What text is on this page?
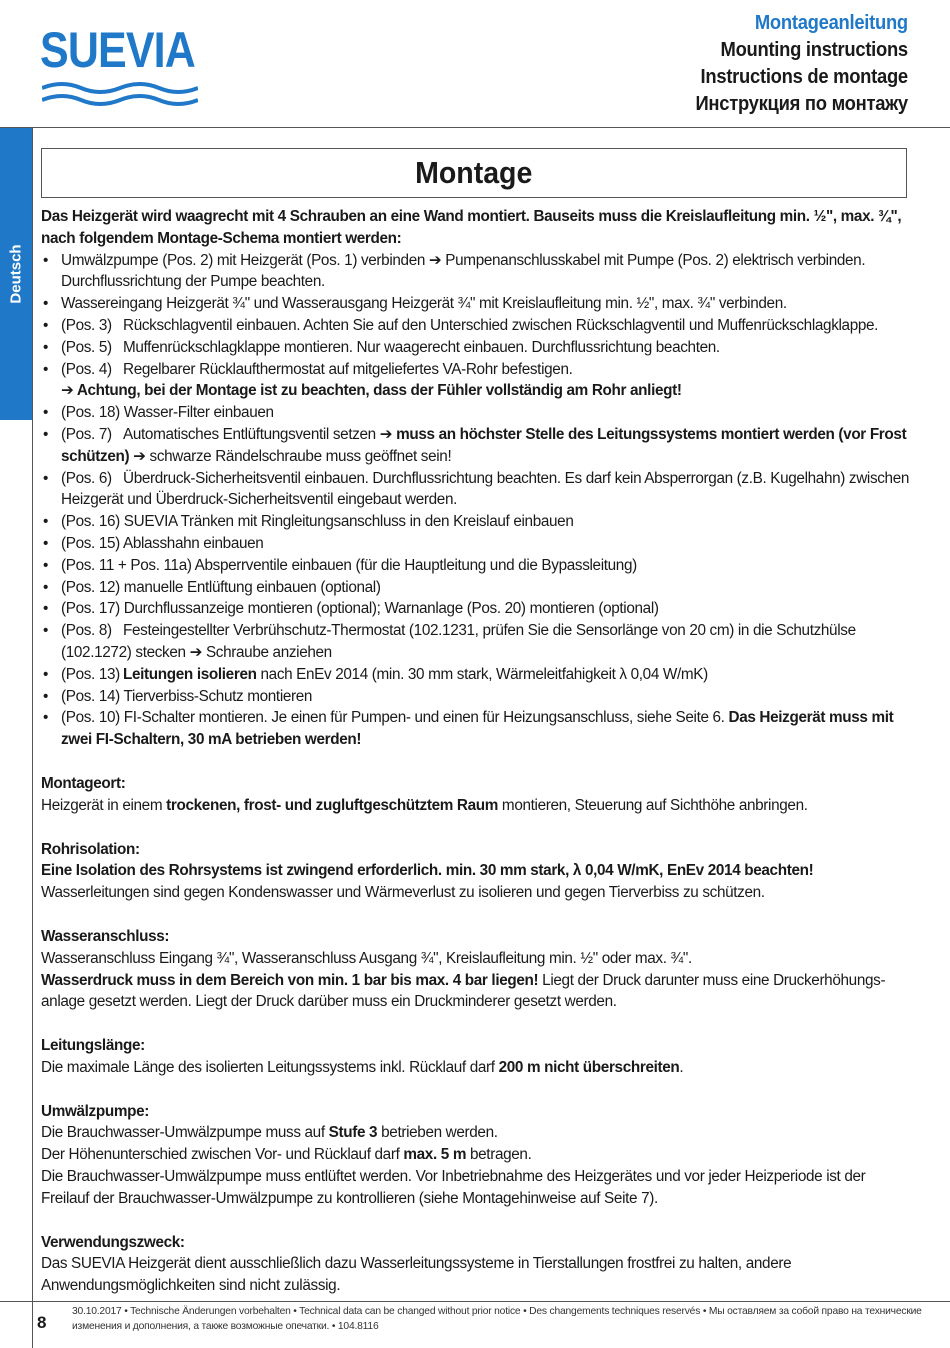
SUEVIA	Montageanleitung
Mounting instructions
Instructions de montage
Инструкция по монтажу
Deutsch
Montage

Das Heizgerät wird waagrecht mit 4 Schrauben an eine Wand montiert. Bauseits muss die Kreislaufleitung min. ½", max. ¾", nach folgendem Montage-Schema montiert werden:

• Umwälzpumpe (Pos. 2) mit Heizgerät (Pos. 1) verbinden ➔ Pumpenanschlusskabel mit Pumpe (Pos. 2) elektrisch verbinden. Durchflussrichtung der Pumpe beachten.
• Wassereingang Heizgerät ¾" und Wasserausgang Heizgerät ¾" mit Kreislaufleitung min. ½", max. ¾" verbinden.
• (Pos. 3) Rückschlagventil einbauen. Achten Sie auf den Unterschied zwischen Rückschlagventil und Muffenrückschlagklappe.
• (Pos. 5) Muffenrückschlagklappe montieren. Nur waagerecht einbauen. Durchflussrichtung beachten.
• (Pos. 4) Regelbarer Rücklaufthermostat auf mitgeliefertes VA-Rohr befestigen.
➔ Achtung, bei der Montage ist zu beachten, dass der Fühler vollständig am Rohr anliegt!
• (Pos. 18) Wasser-Filter einbauen
• (Pos. 7) Automatisches Entlüftungsventil setzen ➔ muss an höchster Stelle des Leitungssystems montiert werden (vor Frost schützen) ➔ schwarze Rändelschraube muss geöffnet sein!
• (Pos. 6) Überdruck-Sicherheitsventil einbauen. Durchflussrichtung beachten. Es darf kein Absperrorgan (z.B. Kugelhahn) zwischen Heizgerät und Überdruck-Sicherheitsventil eingebaut werden.
• (Pos. 16) SUEVIA Tränken mit Ringleitungsanschluss in den Kreislauf einbauen
• (Pos. 15) Ablasshahn einbauen
• (Pos. 11 + Pos. 11a) Absperrventile einbauen (für die Hauptleitung und die Bypassleitung)
• (Pos. 12) manuelle Entlüftung einbauen (optional)
• (Pos. 17) Durchflussanzeige montieren (optional); Warnanlage (Pos. 20) montieren (optional)
• (Pos. 8) Festeingestellter Verbrühschutz-Thermostat (102.1231, prüfen Sie die Sensorlänge von 20 cm) in die Schutzhülse (102.1272) stecken ➔ Schraube anziehen
• (Pos. 13) Leitungen isolieren nach EnEv 2014 (min. 30 mm stark, Wärmeleitfahigkeit λ 0,04 W/mK)
• (Pos. 14) Tierverbiss-Schutz montieren
• (Pos. 10) FI-Schalter montieren. Je einen für Pumpen- und einen für Heizungsanschluss, siehe Seite 6. Das Heizgerät muss mit zwei FI-Schaltern, 30 mA betrieben werden!
Montageort:

Heizgerät in einem trockenen, frost- und zugluftgeschütztem Raum montieren, Steuerung auf Sichthöhe anbringen.

Rohrisolation:

Eine Isolation des Rohrsystems ist zwingend erforderlich. min. 30 mm stark, λ 0,04 W/mK, EnEv 2014 beachten!

Wasserleitungen sind gegen Kondenswasser und Wärmeverlust zu isolieren und gegen Tierverbiss zu schützen.

Wasseranschluss:

Wasseranschluss Eingang ¾", Wasseranschluss Ausgang ¾", Kreislaufleitung min. ½" oder max. ¾".

Wasserdruck muss in dem Bereich von min. 1 bar bis max. 4 bar liegen! Liegt der Druck darunter muss eine Druckerhöhungsanlage gesetzt werden. Liegt der Druck darüber muss ein Druckminderer gesetzt werden.

Leitungslänge:

Die maximale Länge des isolierten Leitungssystems inkl. Rücklauf darf 200 m nicht überschreiten.

Umwälzpumpe:

Die Brauchwasser-Umwälzpumpe muss auf Stufe 3 betrieben werden.

Der Höhenunterschied zwischen Vor- und Rücklauf darf max. 5 m betragen.

Die Brauchwasser-Umwälzpumpe muss entlüftet werden. Vor Inbetriebnahme des Heizgerätes und vor jeder Heizperiode ist der Freilauf der Brauchwasser-Umwälzpumpe zu kontrollieren (siehe Montagehinweise auf Seite 7).

Verwendungszweck:

Das SUEVIA Heizgerät dient ausschließlich dazu Wasserleitungssysteme in Tierstallungen frostfrei zu halten, andere Anwendungsmöglichkeiten sind nicht zulässig.

8
30.10.2017 • Technische Änderungen vorbehalten • Technical data can be changed without prior notice • Des changements techniques reservés • Мы оставляем за собой право на технические изменения и дополнения, а также возможные опечатки. • 104.8116
